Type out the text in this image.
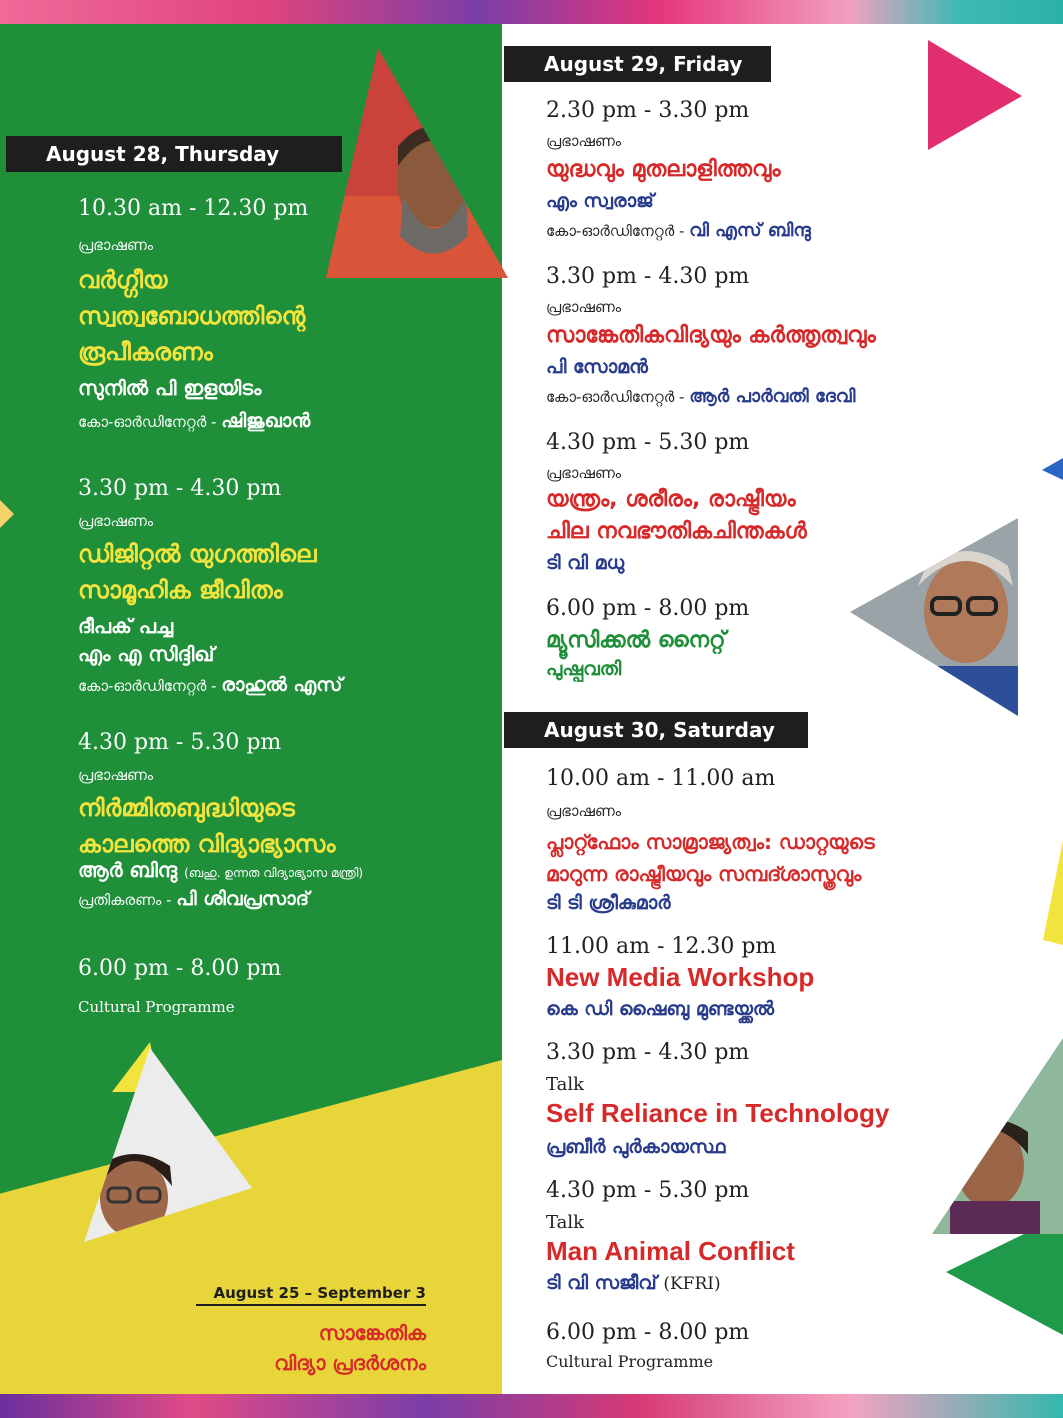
August 28, Thursday
10.30 am - 12.30 pm
പ്രഭാഷണം
വർഗ്ഗീയ
സ്വത്വബോധത്തിന്റെ
രൂപീകരണം
സുനിൽ പി ഇളയിടം
കോ-ഓർഡിനേറ്റർ - ഷിജുഖാൻ
3.30 pm - 4.30 pm
പ്രഭാഷണം
ഡിജിറ്റൽ യുഗത്തിലെ
സാമൂഹിക ജീവിതം
ദീപക് പച്ച
എം എ സിദ്ദിഖ്
കോ-ഓർഡിനേറ്റർ - രാഹുൽ എസ്
4.30 pm - 5.30 pm
പ്രഭാഷണം
നിർമ്മിതബുദ്ധിയുടെ
കാലത്തെ വിദ്യാഭ്യാസം
ആർ ബിന്ദു (ബഹു. ഉന്നത വിദ്യാഭ്യാസ മന്ത്രി)
പ്രതികരണം - പി ശിവപ്രസാദ്
6.00 pm - 8.00 pm
Cultural Programme
August 25 – September 3
സാങ്കേതിക
വിദ്യാ പ്രദർശനം
August 29, Friday
2.30 pm - 3.30 pm
പ്രഭാഷണം
യുദ്ധവും മുതലാളിത്തവും
എം സ്വരാജ്
കോ-ഓർഡിനേറ്റർ - വി എസ് ബിന്ദു
3.30 pm - 4.30 pm
പ്രഭാഷണം
സാങ്കേതികവിദ്യയും കർത്തൃത്വവും
പി സോമൻ
കോ-ഓർഡിനേറ്റർ - ആർ പാർവതി ദേവി
4.30 pm - 5.30 pm
പ്രഭാഷണം
യന്ത്രം, ശരീരം, രാഷ്ട്രീയം
ചില നവഭൗതികചിന്തകൾ
ടി വി മധു
6.00 pm - 8.00 pm
മ്യൂസിക്കൽ നൈറ്റ്
പുഷ്പവതി
August 30, Saturday
10.00 am - 11.00 am
പ്രഭാഷണം
പ്ലാറ്റ്ഫോം സാമ്രാജ്യത്വം: ഡാറ്റയുടെ
മാറുന്ന രാഷ്ട്രീയവും സമ്പദ്ശാസ്ത്രവും
ടി ടി ശ്രീകുമാർ
11.00 am - 12.30 pm
New Media Workshop
കെ ഡി ഷൈബു മുണ്ടയ്ക്കൽ
3.30 pm - 4.30 pm
Talk
Self Reliance in Technology
പ്രബീർ പുർകായസ്ഥ
4.30 pm - 5.30 pm
Talk
Man Animal Conflict
ടി വി സജീവ് (KFRI)
6.00 pm - 8.00 pm
Cultural Programme
